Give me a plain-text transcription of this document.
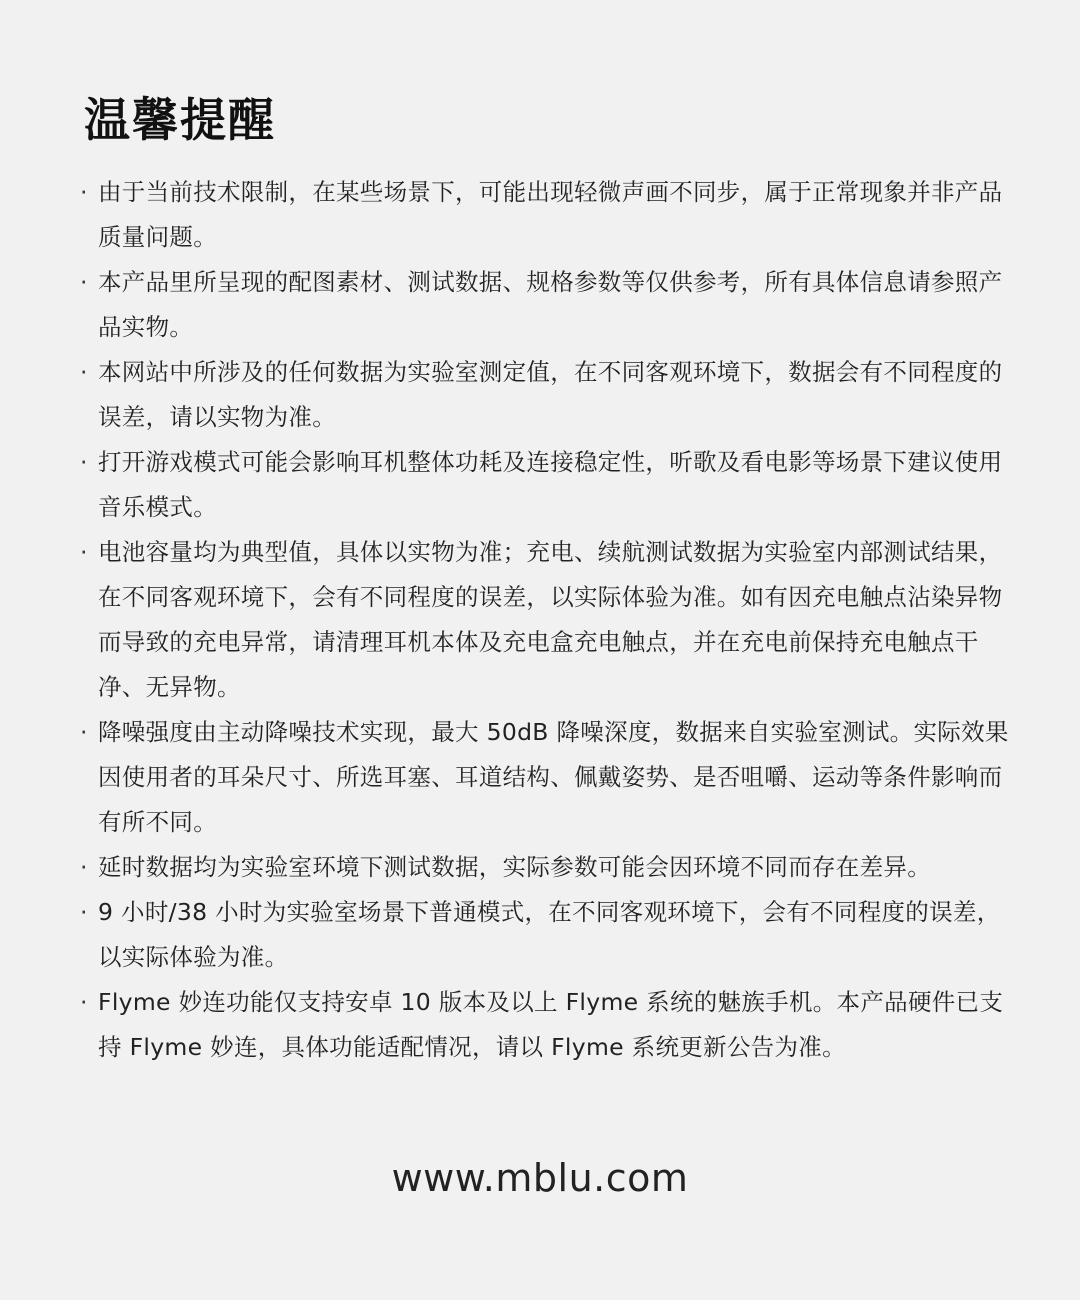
温馨提醒
· 由于当前技术限制，在某些场景下，可能出现轻微声画不同步，属于正常现象并非产品质量问题。
· 本产品里所呈现的配图素材、测试数据、规格参数等仅供参考，所有具体信息请参照产品实物。
· 本网站中所涉及的任何数据为实验室测定值，在不同客观环境下，数据会有不同程度的误差，请以实物为准。
· 打开游戏模式可能会影响耳机整体功耗及连接稳定性，听歌及看电影等场景下建议使用音乐模式。
· 电池容量均为典型值，具体以实物为准；充电、续航测试数据为实验室内部测试结果，在不同客观环境下，会有不同程度的误差，以实际体验为准。如有因充电触点沾染异物而导致的充电异常，请清理耳机本体及充电盒充电触点，并在充电前保持充电触点干净、无异物。
· 降噪强度由主动降噪技术实现，最大 50dB 降噪深度，数据来自实验室测试。实际效果因使用者的耳朵尺寸、所选耳塞、耳道结构、佩戴姿势、是否咀嚼、运动等条件影响而有所不同。
· 延时数据均为实验室环境下测试数据，实际参数可能会因环境不同而存在差异。
· 9 小时/38 小时为实验室场景下普通模式，在不同客观环境下，会有不同程度的误差，以实际体验为准。
· Flyme 妙连功能仅支持安卓 10 版本及以上 Flyme 系统的魅族手机。本产品硬件已支持 Flyme 妙连，具体功能适配情况，请以 Flyme 系统更新公告为准。
www.mblu.com
